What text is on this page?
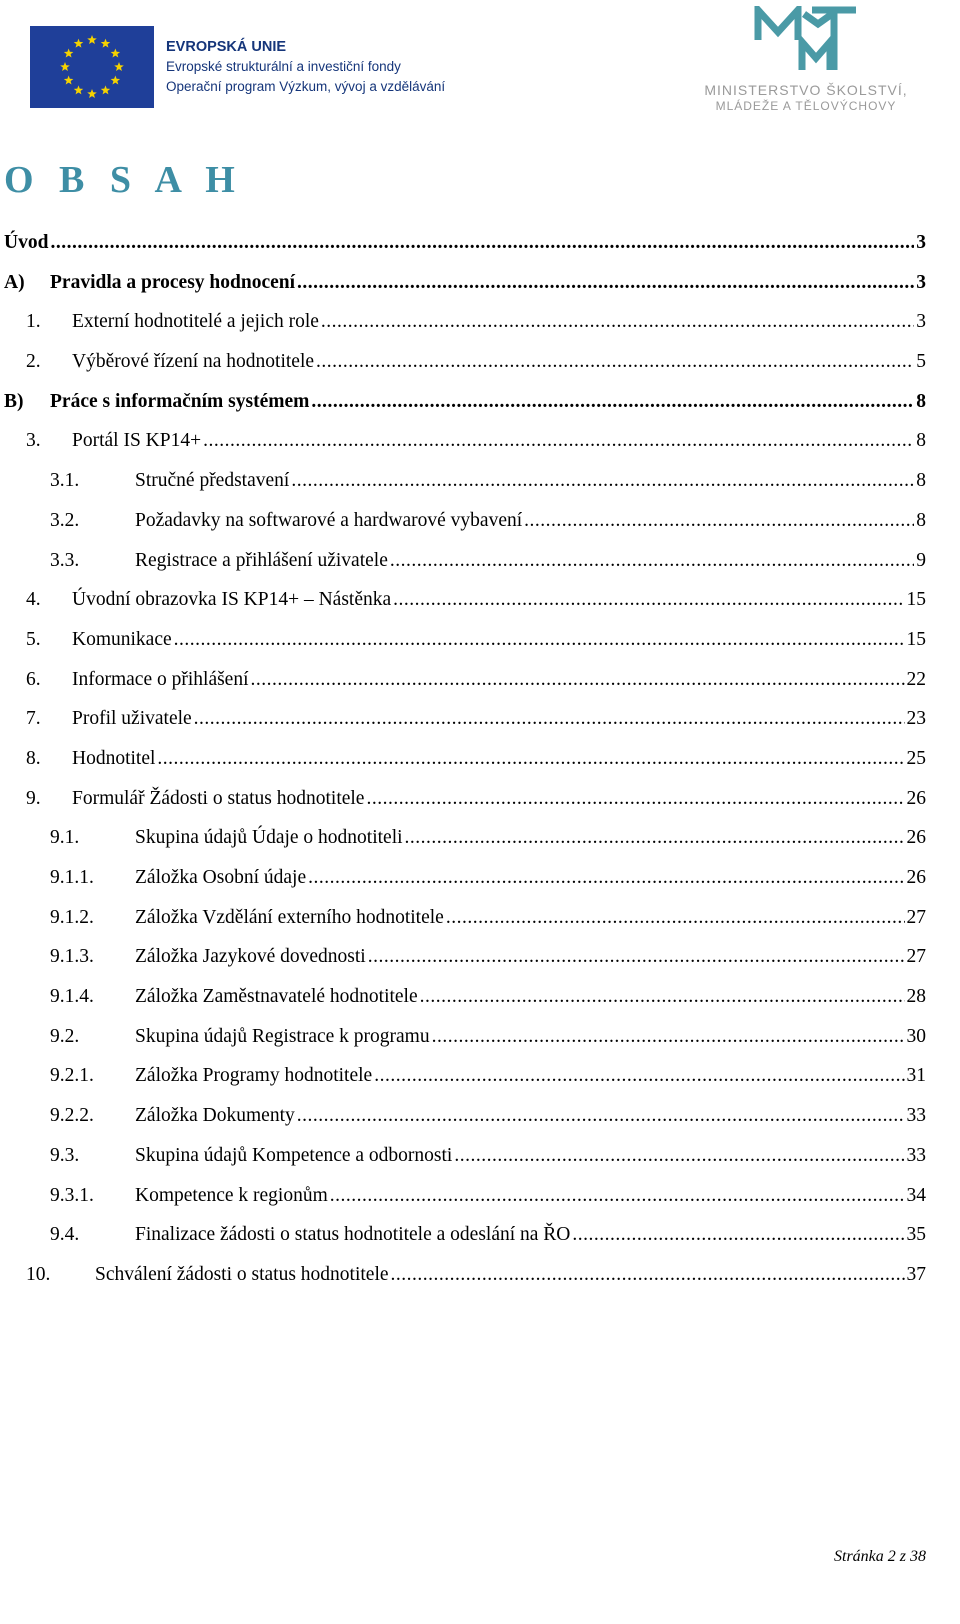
EVROPSKÁ UNIE
Evropské strukturální a investiční fondy
Operační program Výzkum, vývoj a vzdělávání	MINISTERSTVO ŠKOLSTVÍ,
MLÁDEŽE A TĚLOVÝCHOVY
O B S A H
Úvod .....	3
A) Pravidla a procesy hodnocení .....	3
1. Externí hodnotitelé a jejich role .....	3
2. Výběrové řízení na hodnotitele .....	5
B) Práce s informačním systémem .....	8
3. Portál IS KP14+ .....	8
3.1.	Stručné představení .....	8
3.2.	Požadavky na softwarové a hardwarové vybavení .....	8
3.3.	Registrace a přihlášení uživatele .....	9
4. Úvodní obrazovka IS KP14+ – Nástěnka .....	15
5. Komunikace .....	15
6. Informace o přihlášení .....	22
7. Profil uživatele .....	23
8. Hodnotitel .....	25
9. Formulář Žádosti o status hodnotitele .....	26
9.1.	Skupina údajů Údaje o hodnotiteli .....	26
9.1.1. Záložka Osobní údaje .....	26
9.1.2. Záložka Vzdělání externího hodnotitele .....	27
9.1.3. Záložka Jazykové dovednosti .....	27
9.1.4. Záložka Zaměstnavatelé hodnotitele .....	28
9.2.	Skupina údajů Registrace k programu .....	30
9.2.1. Záložka Programy hodnotitele .....	31
9.2.2. Záložka Dokumenty .....	33
9.3.	Skupina údajů Kompetence a odbornosti .....	33
9.3.1. Kompetence k regionům .....	34
9.4.	Finalizace žádosti o status hodnotitele a odeslání na ŘO .....	35
10. Schválení žádosti o status hodnotitele .....	37
Stránka 2 z 38
